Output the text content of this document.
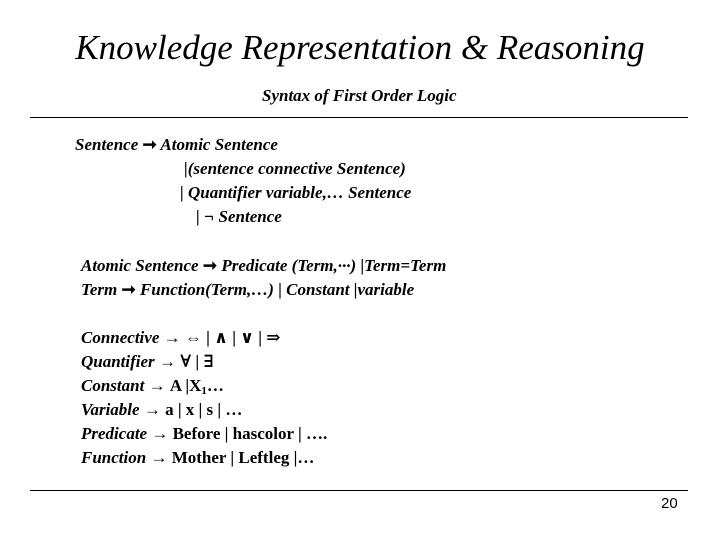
Knowledge Representation & Reasoning
Syntax of First Order Logic
Sentence ➞ Atomic Sentence
|(sentence connective Sentence)
| Quantifier variable,… Sentence
| ¬ Sentence
Atomic Sentence ➞ Predicate (Term,···) |Term=Term
Term ➞ Function(Term,…) | Constant |variable
Connective → ⇔ | ∧ | ∨ | ⇒
Quantifier → ∀ | ∃
Constant → A $|X_1\dots$
Variable → a | x | s | …
Predicate → Before | hascolor | ….
Function → Mother | Leftleg |…
20
